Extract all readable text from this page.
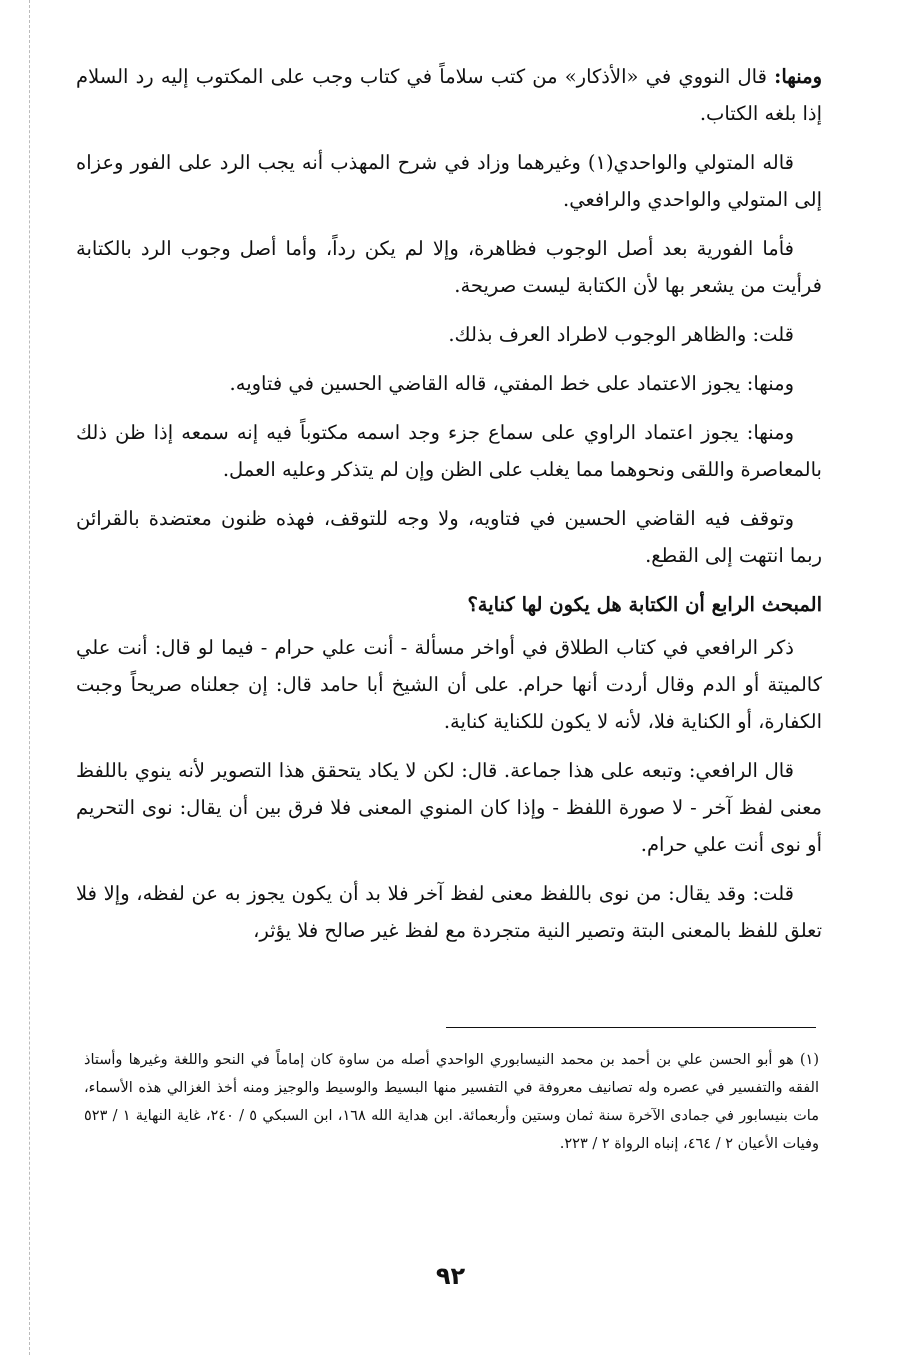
ومنها: قال النووي في «الأذكار» من كتب سلاماً في كتاب وجب على المكتوب إليه رد السلام إذا بلغه الكتاب.

قاله المتولي والواحدي(١) وغيرهما وزاد في شرح المهذب أنه يجب الرد على الفور وعزاه إلى المتولي والواحدي والرافعي.

فأما الفورية بعد أصل الوجوب فظاهرة، وإلا لم يكن رداً، وأما أصل وجوب الرد بالكتابة فرأيت من يشعر بها لأن الكتابة ليست صريحة.

قلت: والظاهر الوجوب لاطراد العرف بذلك.

ومنها: يجوز الاعتماد على خط المفتي، قاله القاضي الحسين في فتاويه.

ومنها: يجوز اعتماد الراوي على سماع جزء وجد اسمه مكتوباً فيه إنه سمعه إذا ظن ذلك بالمعاصرة واللقى ونحوهما مما يغلب على الظن وإن لم يتذكر وعليه العمل.

وتوقف فيه القاضي الحسين في فتاويه، ولا وجه للتوقف، فهذه ظنون معتضدة بالقرائن ربما انتهت إلى القطع.

المبحث الرابع أن الكتابة هل يكون لها كناية؟

ذكر الرافعي في كتاب الطلاق في أواخر مسألة - أنت علي حرام - فيما لو قال: أنت علي كالميتة أو الدم وقال أردت أنها حرام. على أن الشيخ أبا حامد قال: إن جعلناه صريحاً وجبت الكفارة، أو الكناية فلا، لأنه لا يكون للكناية كناية.

قال الرافعي: وتبعه على هذا جماعة. قال: لكن لا يكاد يتحقق هذا التصوير لأنه ينوي باللفظ معنى لفظ آخر - لا صورة اللفظ - وإذا كان المنوي المعنى فلا فرق بين أن يقال: نوى التحريم أو نوى أنت علي حرام.

قلت: وقد يقال: من نوى باللفظ معنى لفظ آخر فلا بد أن يكون يجوز به عن لفظه، وإلا فلا تعلق للفظ بالمعنى البتة وتصير النية متجردة مع لفظ غير صالح فلا يؤثر،

(١) هو أبو الحسن علي بن أحمد بن محمد النيسابوري الواحدي أصله من ساوة كان إماماً في النحو واللغة وغيرها وأستاذ الفقه والتفسير في عصره وله تصانيف معروفة في التفسير منها البسيط والوسيط والوجيز ومنه أخذ الغزالي هذه الأسماء، مات بنيسابور في جمادى الآخرة سنة ثمان وستين وأربعمائة. ابن هداية الله ١٦٨، ابن السبكي ٥ / ٢٤٠، غاية النهاية ١ / ٥٢٣ وفيات الأعيان ٢ / ٤٦٤، إنباه الرواة ٢ / ٢٢٣.

٩٢
